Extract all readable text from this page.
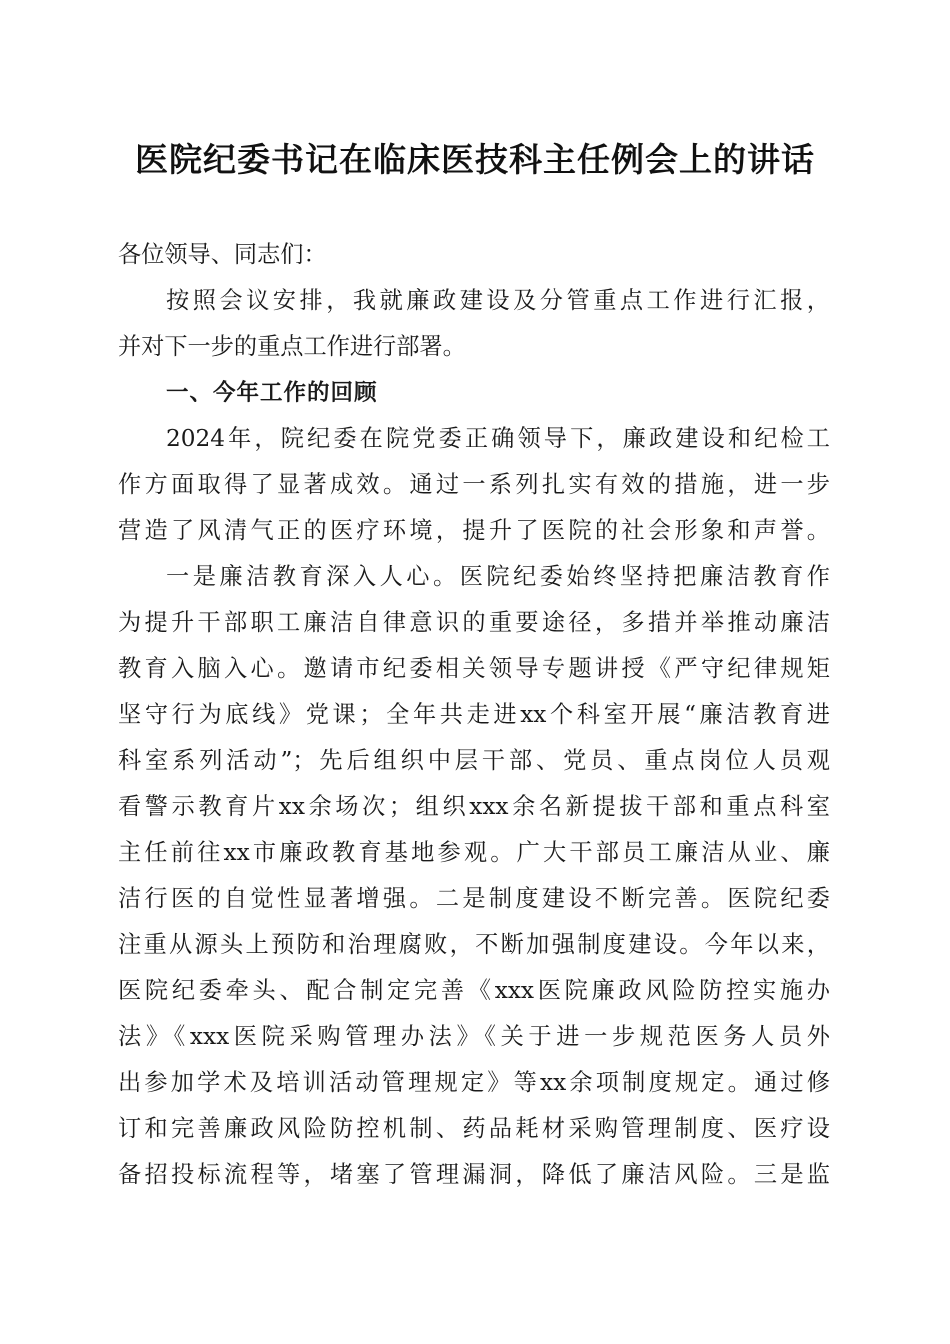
医院纪委书记在临床医技科主任例会上的讲话
各位领导、同志们：
按照会议安排，我就廉政建设及分管重点工作进行汇报，
并对下一步的重点工作进行部署。
一、今年工作的回顾
2024年，院纪委在院党委正确领导下，廉政建设和纪检工
作方面取得了显著成效。通过一系列扎实有效的措施，进一步
营造了风清气正的医疗环境，提升了医院的社会形象和声誉。
一是廉洁教育深入人心。医院纪委始终坚持把廉洁教育作
为提升干部职工廉洁自律意识的重要途径，多措并举推动廉洁
教育入脑入心。邀请市纪委相关领导专题讲授《严守纪律规矩
坚守行为底线》党课；全年共走进xx个科室开展“廉洁教育进
科室系列活动”；先后组织中层干部、党员、重点岗位人员观
看警示教育片xx余场次；组织xxx余名新提拔干部和重点科室
主任前往xx市廉政教育基地参观。广大干部员工廉洁从业、廉
洁行医的自觉性显著增强。二是制度建设不断完善。医院纪委
注重从源头上预防和治理腐败，不断加强制度建设。今年以来，
医院纪委牵头、配合制定完善《xxx医院廉政风险防控实施办
法》《xxx医院采购管理办法》《关于进一步规范医务人员外
出参加学术及培训活动管理规定》等xx余项制度规定。通过修
订和完善廉政风险防控机制、药品耗材采购管理制度、医疗设
备招投标流程等，堵塞了管理漏洞，降低了廉洁风险。三是监
